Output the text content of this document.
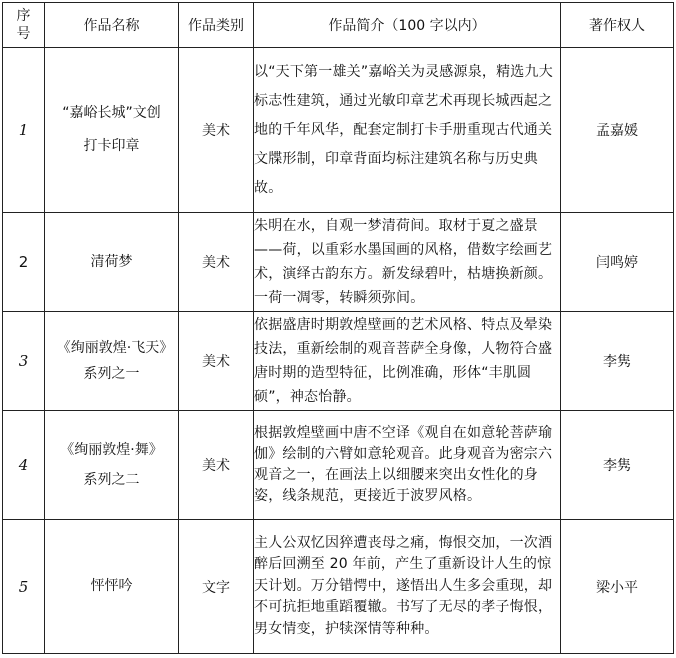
序号	作品名称	作品类别	作品简介（100 字以内）	著作权人
1	“嘉峪长城”文创打卡印章	美术	以“天下第一雄关”嘉峪关为灵感源泉，精选九大标志性建筑，通过光敏印章艺术再现长城西起之地的千年风华，配套定制打卡手册重现古代通关文牒形制，印章背面均标注建筑名称与历史典故。	孟嘉媛
2	清荷梦	美术	朱明在水，自观一梦清荷间。取材于夏之盛景——荷，以重彩水墨国画的风格，借数字绘画艺术，演绎古韵东方。新发绿碧叶，枯塘换新颜。一荷一凋零，转瞬须弥间。	闫鸣婷
3	《绚丽敦煌·飞天》系列之一	美术	依据盛唐时期敦煌壁画的艺术风格、特点及晕染技法，重新绘制的观音菩萨全身像，人物符合盛唐时期的造型特征，比例准确，形体“丰肌圆硕”，神态怡静。	李隽
4	《绚丽敦煌·舞》系列之二	美术	根据敦煌壁画中唐不空译《观自在如意轮菩萨瑜伽》绘制的六臂如意轮观音。此身观音为密宗六观音之一，在画法上以细腰来突出女性化的身姿，线条规范，更接近于波罗风格。	李隽
5	怦怦吟	文字	主人公双忆因猝遭丧母之痛，悔恨交加，一次酒醉后回溯至 20 年前，产生了重新设计人生的惊天计划。万分错愕中，遂悟出人生多会重现，却不可抗拒地重蹈覆辙。书写了无尽的孝子悔恨，男女情变，护犊深情等种种。	梁小平
